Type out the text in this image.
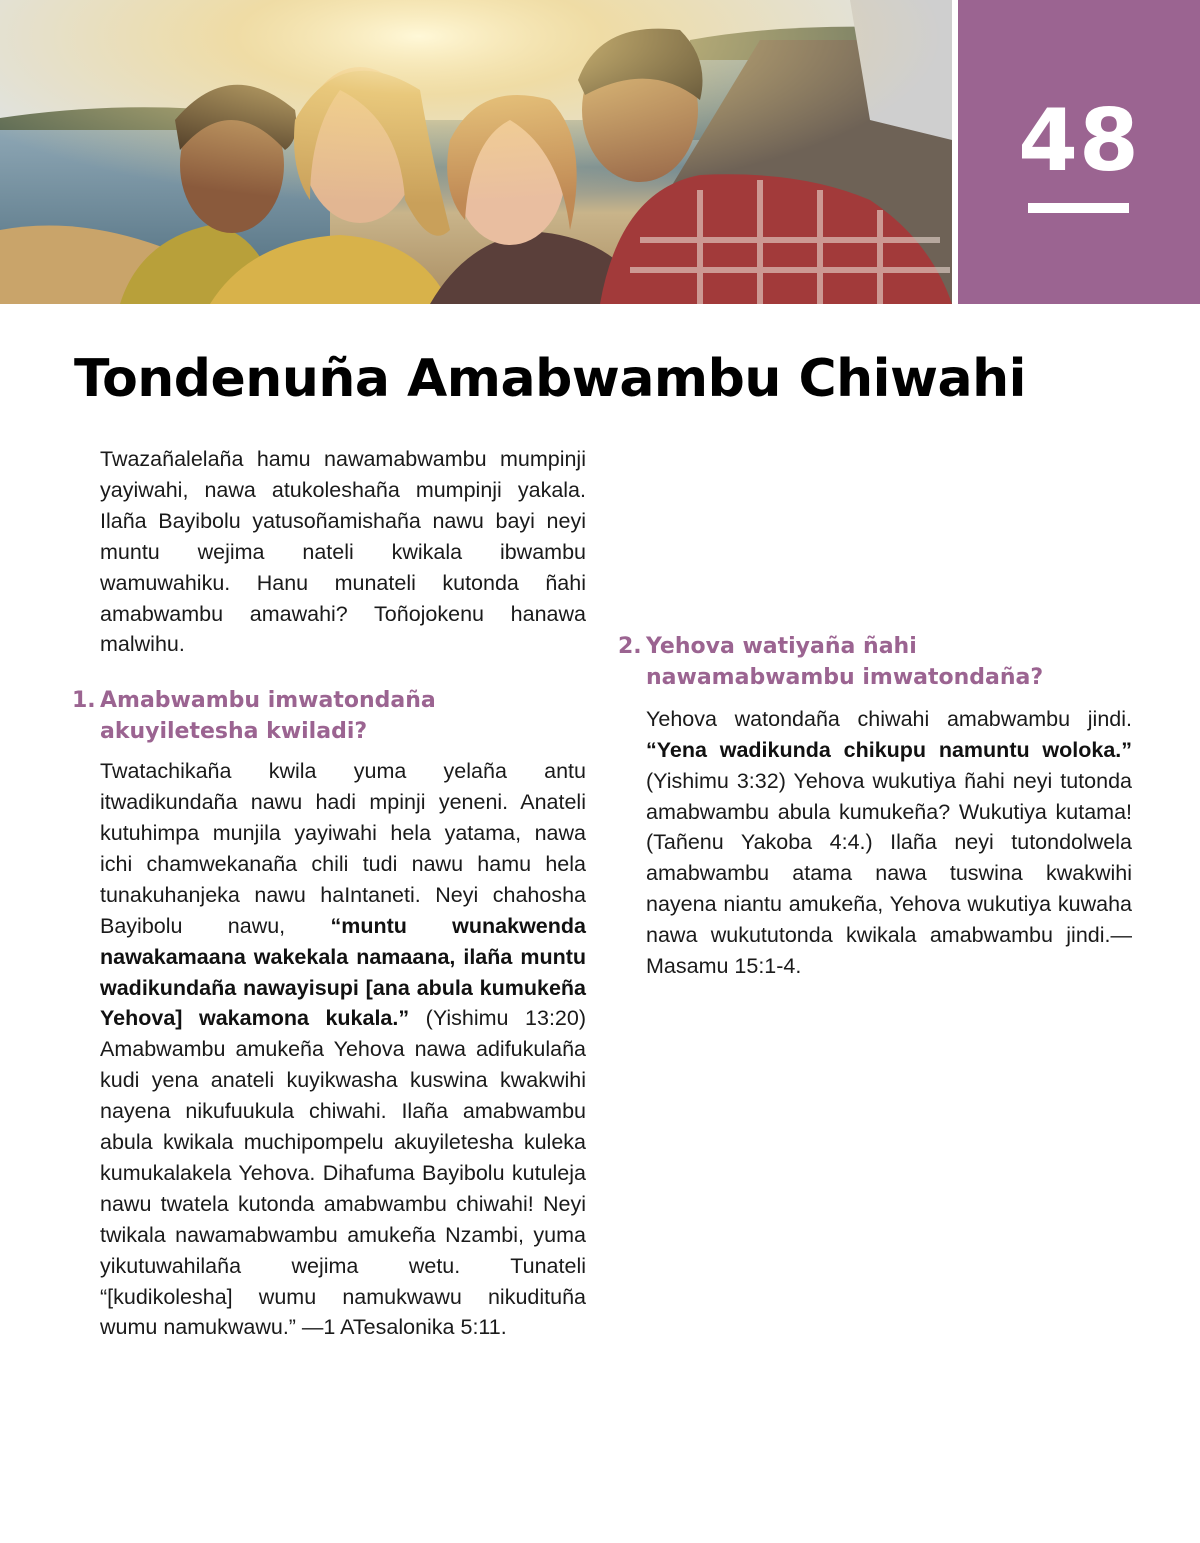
48
Tondenuña Amabwambu Chiwahi

Twazañalelaña hamu nawamabwambu mumpinji yayiwahi, nawa atukoleshaña mumpinji yakala. Ilaña Bayibolu yatusoñamishaña nawu bayi neyi muntu wejima nateli kwikala ibwambu wamuwahiku. Hanu munateli kutonda ñahi amabwambu amawahi? Toñojokenu hanawa malwihu.

1. Amabwambu imwatondaña akuyiletesha kwiladi?

Twatachikaña kwila yuma yelaña antu itwadikundaña nawu hadi mpinji yeneni. Anateli kutuhimpa munjila yayiwahi hela yatama, nawa ichi chamwekanaña chili tudi nawu hamu hela tunakuhanjeka nawu haIntaneti. Neyi chahosha Bayibolu nawu, “muntu wunakwenda nawakamaana wakekala namaana, ilaña muntu wadikundaña nawayisupi [ana abula kumukeña Yehova] wakamona kukala.” (Yishimu 13:20) Amabwambu amukeña Yehova nawa adifukulaña kudi yena anateli kuyikwasha kuswina kwakwihi nayena nikufuukula chiwahi. Ilaña amabwambu abula kwikala muchipompelu akuyiletesha kuleka kumukalakela Yehova. Dihafuma Bayibolu kutuleja nawu twatela kutonda amabwambu chiwahi! Neyi twikala nawamabwambu amukeña Nzambi, yuma yikutuwahilaña wejima wetu. Tunateli “[kudikolesha] wumu namukwawu nikudituña wumu namukwawu.” —1 ATesalonika 5:11.

2. Yehova watiyaña ñahi nawamabwambu imwatondaña?

Yehova watondaña chiwahi amabwambu jindi. “Yena wadikunda chikupu namuntu woloka.” (Yishimu 3:32) Yehova wukutiya ñahi neyi tutonda amabwambu abula kumukeña? Wukutiya kutama! (Tañenu Yakoba 4:4.) Ilaña neyi tutondolwela amabwambu atama nawa tuswina kwakwihi nayena niantu amukeña, Yehova wukutiya kuwaha nawa wukututonda kwikala amabwambu jindi.—Masamu 15:1-4.
